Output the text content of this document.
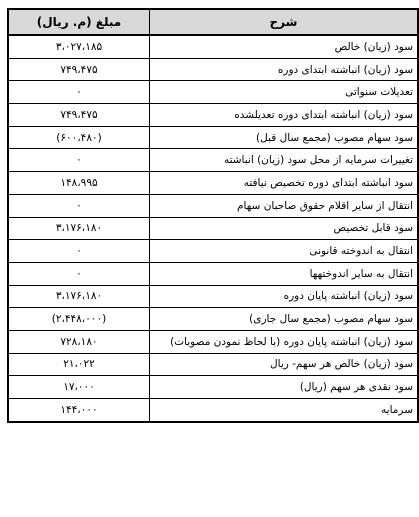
شرح	مبلغ (م. ریال)
سود (زیان) خالص	۳،۰۲۷،۱۸۵
سود (زیان) انباشته ابتدای دوره	۷۴۹،۴۷۵
تعدیلات سنواتی	۰
سود (زیان) انباشته ابتدای دوره تعدیلشده	۷۴۹،۴۷۵
سود سهام مصوب (مجمع سال قبل)	(۶۰۰،۴۸۰)
تغییرات سرمایه از محل سود (زیان) انباشته	۰
سود انباشته ابتدای دوره تخصیص نیافته	۱۴۸،۹۹۵
انتقال از سایر اقلام حقوق صاحبان سهام	۰
سود قابل تخصیص	۳،۱۷۶،۱۸۰
انتقال به اندوخته قانونی	۰
انتقال به سایر اندوختهها	۰
سود (زیان) انباشته پایان دوره	۳،۱۷۶،۱۸۰
سود سهام مصوب (مجمع سال جاری)	(۲،۴۴۸،۰۰۰)
سود (زیان) انباشته پایان دوره (با لحاظ نمودن مصوبات)	۷۲۸،۱۸۰
سود (زیان) خالص هر سهم- ریال	۲۱،۰۲۲
سود نقدی هر سهم (ریال)	۱۷،۰۰۰
سرمایه	۱۴۴،۰۰۰
